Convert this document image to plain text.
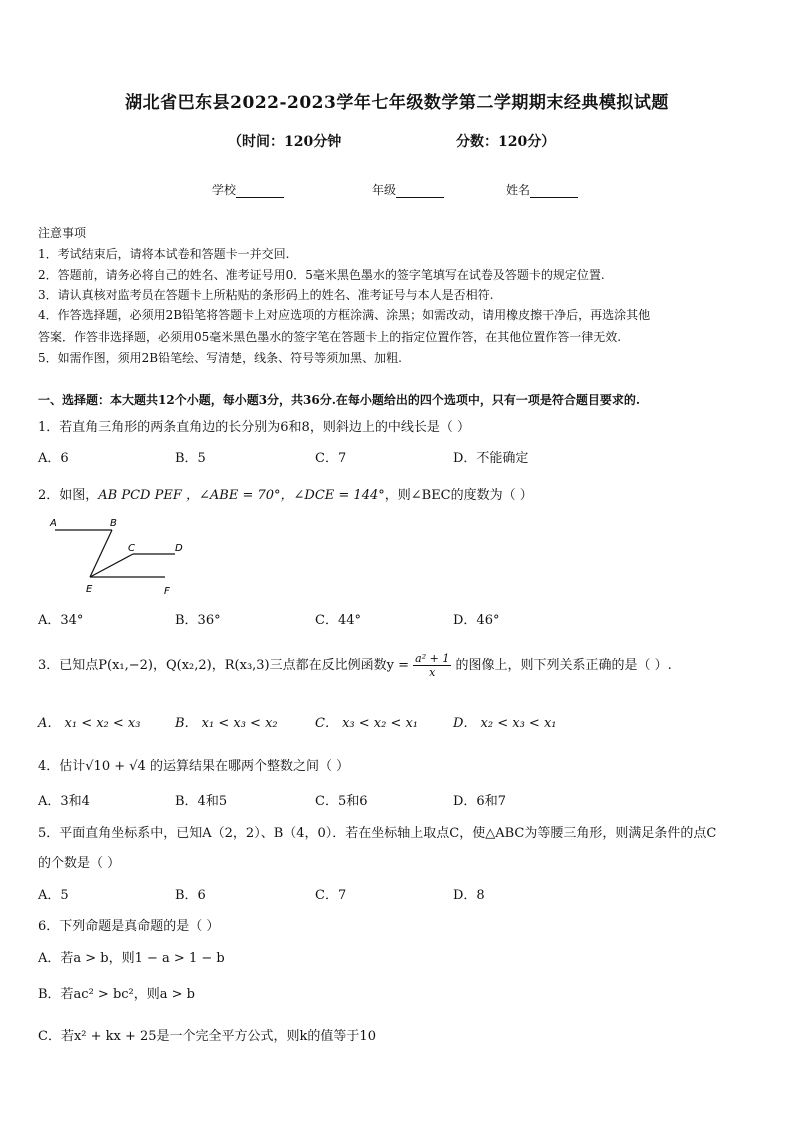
湖北省巴东县2022-2023学年七年级数学第二学期期末经典模拟试题
（时间：120分钟	分数：120分）
学校	年级	姓名
注意事项
1．考试结束后，请将本试卷和答题卡一并交回.
2．答题前，请务必将自己的姓名、准考证号用0．5毫米黑色墨水的签字笔填写在试卷及答题卡的规定位置.
3．请认真核对监考员在答题卡上所粘贴的条形码上的姓名、准考证号与本人是否相符.
4．作答选择题，必须用2B铅笔将答题卡上对应选项的方框涂满、涂黑；如需改动，请用橡皮擦干净后，再选涂其他
答案．作答非选择题，必须用05毫米黑色墨水的签字笔在答题卡上的指定位置作答，在其他位置作答一律无效.
5．如需作图，须用2B铅笔绘、写清楚，线条、符号等须加黑、加粗.
一、选择题：本大题共12个小题，每小题3分，共36分.在每小题给出的四个选项中，只有一项是符合题目要求的.
1．若直角三角形的两条直角边的长分别为6和8，则斜边上的中线长是（ ）
A．6	B．5	C．7	D．不能确定
2．如图，AB PCD PEF ，∠ABE = 70°，∠DCE = 144°，则∠BEC的度数为（ ）
A	B
C	D
E	F
A．34°	B．36°	C．44°	D．46°
3．已知点P(x₁,−2)，Q(x₂,2)，R(x₃,3)三点都在反比例函数$y = \frac{\text{a² + 1}}{x}$ 的图像上，则下列关系正确的是（ ）.
A． x₁ < x₂ < x₃	B． x₁ < x₃ < x₂	C． x₃ < x₂ < x₁	D． x₂ < x₃ < x₁
4．估计√10 + √4 的运算结果在哪两个整数之间（ ）
A．3和4	B．4和5	C．5和6	D．6和7
5．平面直角坐标系中，已知A（2，2）、B（4，0）．若在坐标轴上取点C，使△ABC为等腰三角形，则满足条件的点C
的个数是（ ）
A．5	B．6	C．7	D．8
6．下列命题是真命题的是（ ）
A．若a > b，则1 − a > 1 − b
B．若ac² > bc²，则a > b
C．若x² + kx + 25是一个完全平方公式，则k的值等于10
